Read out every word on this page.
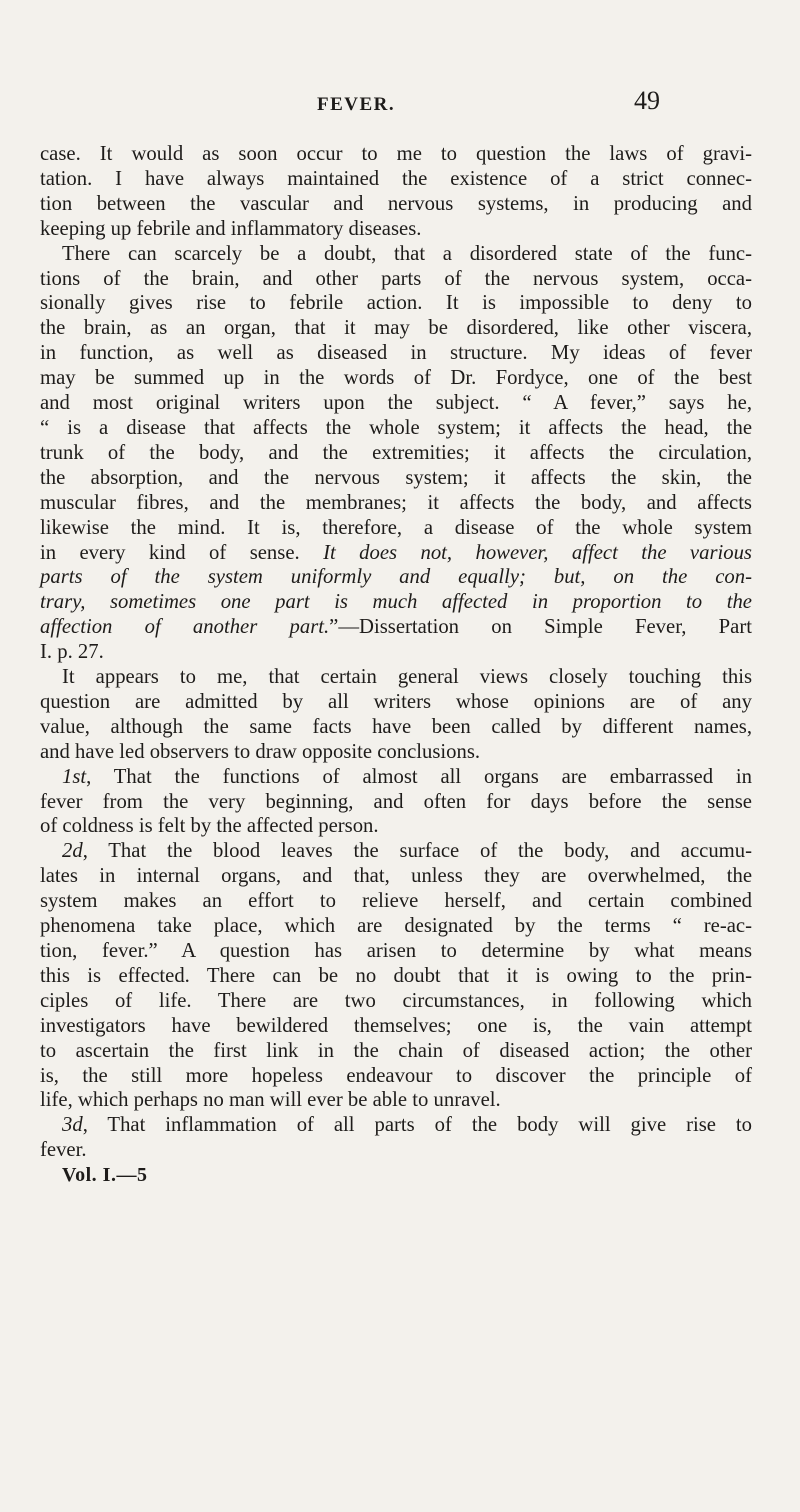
FEVER.	49
case. It would as soon occur to me to question the laws of gravi-
tation. I have always maintained the existence of a strict connec-
tion between the vascular and nervous systems, in producing and
keeping up febrile and inflammatory diseases.
There can scarcely be a doubt, that a disordered state of the func-
tions of the brain, and other parts of the nervous system, occa-
sionally gives rise to febrile action. It is impossible to deny to
the brain, as an organ, that it may be disordered, like other viscera,
in function, as well as diseased in structure. My ideas of fever
may be summed up in the words of Dr. Fordyce, one of the best
and most original writers upon the subject. “ A fever,” says he,
“ is a disease that affects the whole system; it affects the head, the
trunk of the body, and the extremities; it affects the circulation,
the absorption, and the nervous system; it affects the skin, the
muscular fibres, and the membranes; it affects the body, and affects
likewise the mind. It is, therefore, a disease of the whole system
in every kind of sense. It does not, however, affect the various
parts of the system uniformly and equally; but, on the con-
trary, sometimes one part is much affected in proportion to the
affection of another part.”—Dissertation on Simple Fever, Part
I. p. 27.
It appears to me, that certain general views closely touching this
question are admitted by all writers whose opinions are of any
value, although the same facts have been called by different names,
and have led observers to draw opposite conclusions.
1st, That the functions of almost all organs are embarrassed in
fever from the very beginning, and often for days before the sense
of coldness is felt by the affected person.
2d, That the blood leaves the surface of the body, and accumu-
lates in internal organs, and that, unless they are overwhelmed, the
system makes an effort to relieve herself, and certain combined
phenomena take place, which are designated by the terms “ re-ac-
tion, fever.” A question has arisen to determine by what means
this is effected. There can be no doubt that it is owing to the prin-
ciples of life. There are two circumstances, in following which
investigators have bewildered themselves; one is, the vain attempt
to ascertain the first link in the chain of diseased action; the other
is, the still more hopeless endeavour to discover the principle of
life, which perhaps no man will ever be able to unravel.
3d, That inflammation of all parts of the body will give rise to
fever.
Vol. I.—5
